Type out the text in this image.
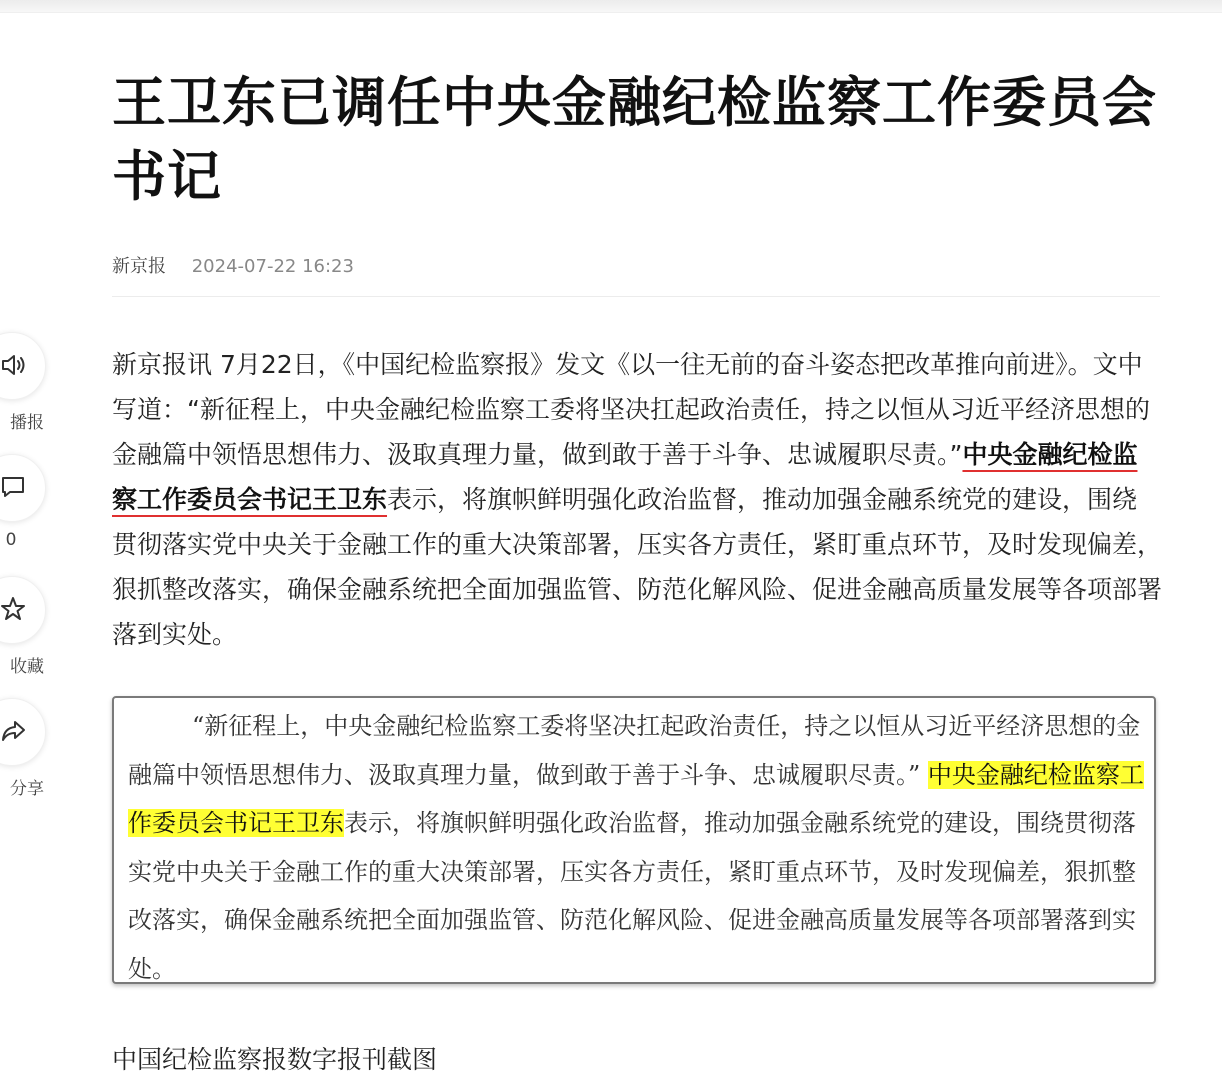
播报
0
收藏
分享
王卫东已调任中央金融纪检监察工作委员会书记
新京报 2024-07-22 16:23

新京报讯 7月22日，《中国纪检监察报》发文《以一往无前的奋斗姿态把改革推向前进》。文中写道：“新征程上，中央金融纪检监察工委将坚决扛起政治责任，持之以恒从习近平经济思想的金融篇中领悟思想伟力、汲取真理力量，做到敢于善于斗争、忠诚履职尽责。”中央金融纪检监察工作委员会书记王卫东表示，将旗帜鲜明强化政治监督，推动加强金融系统党的建设，围绕贯彻落实党中央关于金融工作的重大决策部署，压实各方责任，紧盯重点环节，及时发现偏差，狠抓整改落实，确保金融系统把全面加强监管、防范化解风险、促进金融高质量发展等各项部署落到实处。

“新征程上，中央金融纪检监察工委将坚决扛起政治责任，持之以恒从习近平经济思想的金融篇中领悟思想伟力、汲取真理力量，做到敢于善于斗争、忠诚履职尽责。” 中央金融纪检监察工作委员会书记王卫东表示，将旗帜鲜明强化政治监督，推动加强金融系统党的建设，围绕贯彻落实党中央关于金融工作的重大决策部署，压实各方责任，紧盯重点环节，及时发现偏差，狠抓整改落实，确保金融系统把全面加强监管、防范化解风险、促进金融高质量发展等各项部署落到实处。

中国纪检监察报数字报刊截图
